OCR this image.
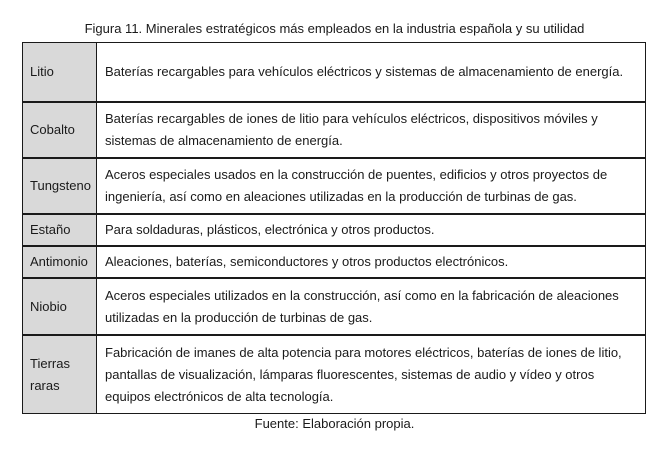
Figura 11. Minerales estratégicos más empleados en la industria española y su utilidad
Litio	Baterías recargables para vehículos eléctricos y sistemas de almacenamiento de energía.
Cobalto	Baterías recargables de iones de litio para vehículos eléctricos, dispositivos móviles y sistemas de almacenamiento de energía.
Tungsteno	Aceros especiales usados en la construcción de puentes, edificios y otros proyectos de ingeniería, así como en aleaciones utilizadas en la producción de turbinas de gas.
Estaño	Para soldaduras, plásticos, electrónica y otros productos.
Antimonio	Aleaciones, baterías, semiconductores y otros productos electrónicos.
Niobio	Aceros especiales utilizados en la construcción, así como en la fabricación de aleaciones utilizadas en la producción de turbinas de gas.
Tierras raras	Fabricación de imanes de alta potencia para motores eléctricos, baterías de iones de litio, pantallas de visualización, lámparas fluorescentes, sistemas de audio y vídeo y otros equipos electrónicos de alta tecnología.
Fuente: Elaboración propia.
